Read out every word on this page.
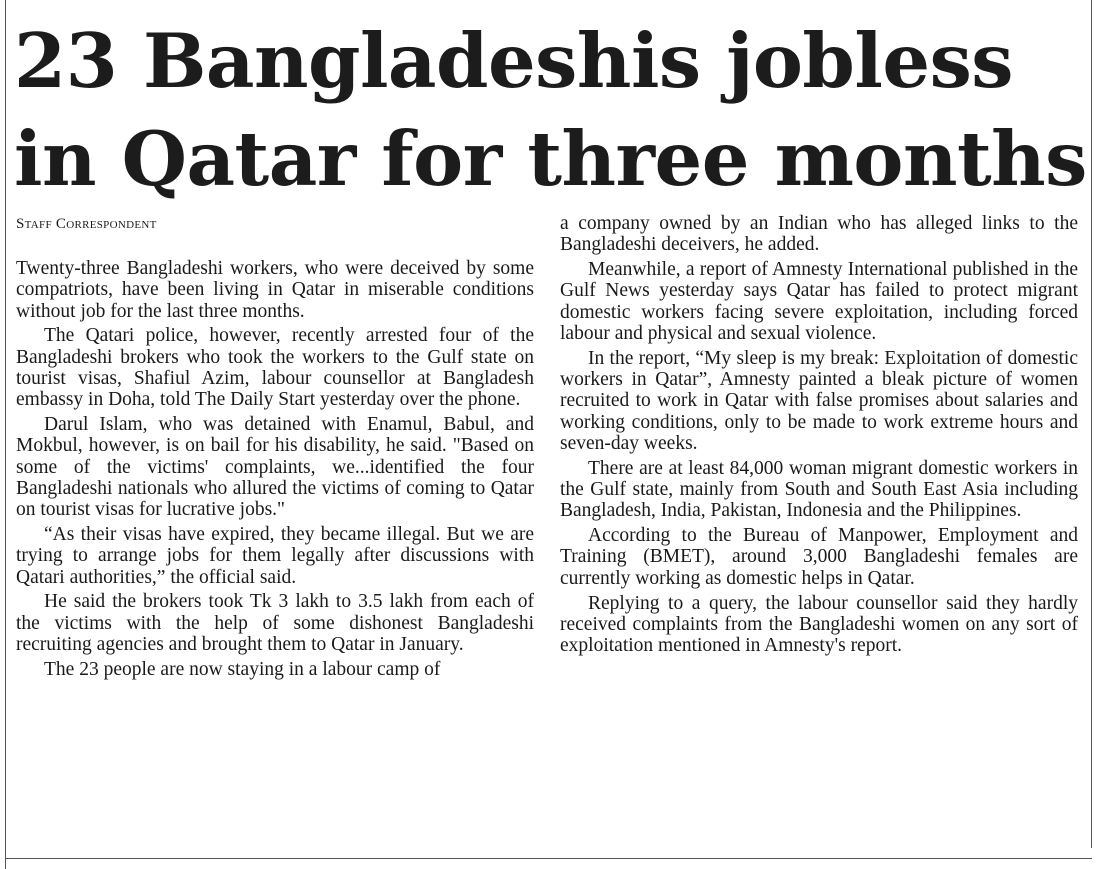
23 Bangladeshis jobless in Qatar for three months
Staff Correspondent

Twenty-three Bangladeshi workers, who were deceived by some compatriots, have been living in Qatar in miserable conditions without job for the last three months.

The Qatari police, however, recently arrested four of the Bangladeshi brokers who took the workers to the Gulf state on tourist visas, Shafiul Azim, labour counsellor at Bangladesh embassy in Doha, told The Daily Start yesterday over the phone.

Darul Islam, who was detained with Enamul, Babul, and Mokbul, however, is on bail for his disability, he said. "Based on some of the victims' complaints, we...identified the four Bangladeshi nationals who allured the victims of coming to Qatar on tourist visas for lucrative jobs."

“As their visas have expired, they became illegal. But we are trying to arrange jobs for them legally after discussions with Qatari authorities,” the official said.

He said the brokers took Tk 3 lakh to 3.5 lakh from each of the victims with the help of some dishonest Bangladeshi recruiting agencies and brought them to Qatar in January.

The 23 people are now staying in a labour camp of

a company owned by an Indian who has alleged links to the Bangladeshi deceivers, he added.

Meanwhile, a report of Amnesty International published in the Gulf News yesterday says Qatar has failed to protect migrant domestic workers facing severe exploitation, including forced labour and physical and sexual violence.

In the report, “My sleep is my break: Exploitation of domestic workers in Qatar”, Amnesty painted a bleak picture of women recruited to work in Qatar with false promises about salaries and working conditions, only to be made to work extreme hours and seven-day weeks.

There are at least 84,000 woman migrant domestic workers in the Gulf state, mainly from South and South East Asia including Bangladesh, India, Pakistan, Indonesia and the Philippines.

According to the Bureau of Manpower, Employment and Training (BMET), around 3,000 Bangladeshi females are currently working as domestic helps in Qatar.

Replying to a query, the labour counsellor said they hardly received complaints from the Bangladeshi women on any sort of exploitation mentioned in Amnesty's report.
